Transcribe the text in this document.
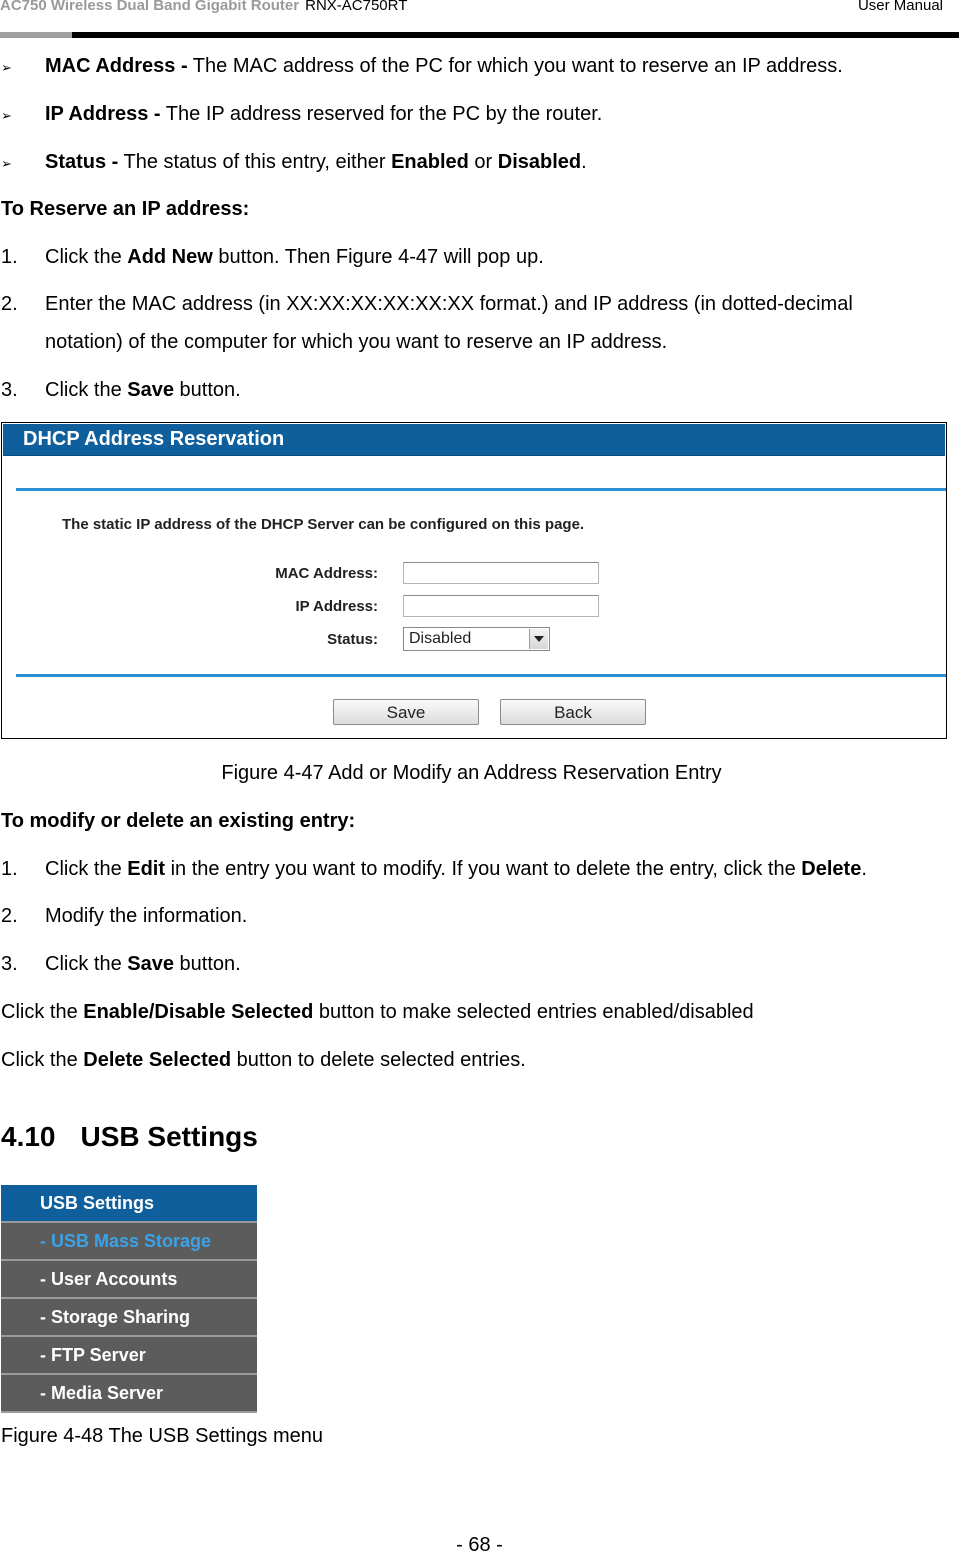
AC750 Wireless Dual Band Gigabit Router RNX-AC750RT	User Manual
➢ MAC Address - The MAC address of the PC for which you want to reserve an IP address.
➢ IP Address - The IP address reserved for the PC by the router.
➢ Status - The status of this entry, either Enabled or Disabled.
To Reserve an IP address:
1. Click the Add New button. Then Figure 4-47 will pop up.
2. Enter the MAC address (in XX:XX:XX:XX:XX:XX format.) and IP address (in dotted-decimal
notation) of the computer for which you want to reserve an IP address.
3. Click the Save button.
DHCP Address Reservation
The static IP address of the DHCP Server can be configured on this page.
MAC Address:
IP Address:
Status: Disabled
Save	Back
Figure 4-47 Add or Modify an Address Reservation Entry
To modify or delete an existing entry:
1. Click the Edit in the entry you want to modify. If you want to delete the entry, click the Delete.
2. Modify the information.
3. Click the Save button.
Click the Enable/Disable Selected button to make selected entries enabled/disabled
Click the Delete Selected button to delete selected entries.
4.10 USB Settings
USB Settings
- USB Mass Storage
- User Accounts
- Storage Sharing
- FTP Server
- Media Server
Figure 4-48 The USB Settings menu
- 68 -
